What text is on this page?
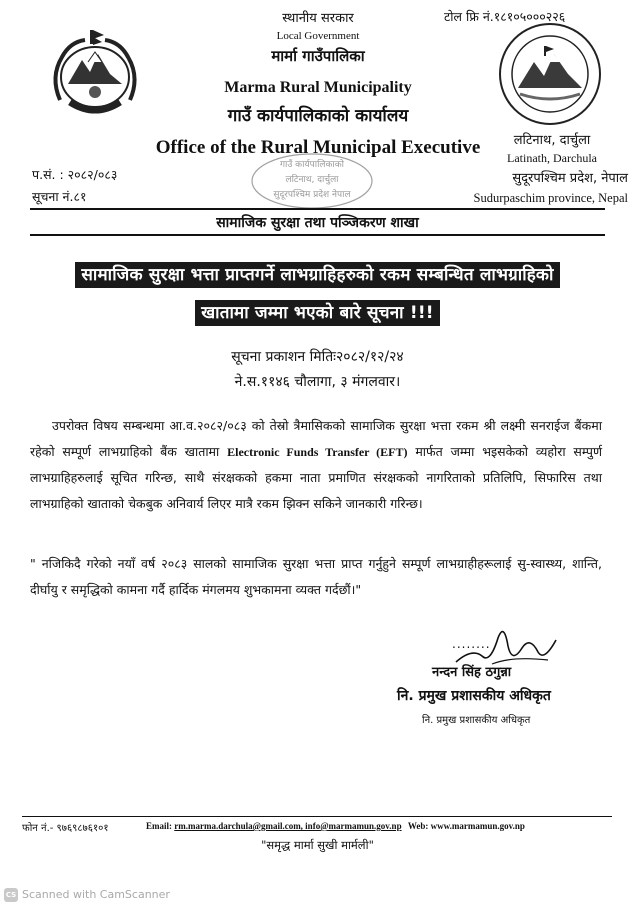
स्थानीय सरकार
Local Government
मार्मा गाउँपालिका
Marma Rural Municipality
गाउँ कार्यपालिकाको कार्यालय
Office of the Rural Municipal Executive
टोल फ्रि नं.१८१०५०००२२६
लटिनाथ, दार्चुला
Latinath, Darchula
सुदूरपश्चिम प्रदेश, नेपाल
Sudurpaschim province, Nepal
प.सं. : २०८२/०८३
सूचना नं.८१
गाउँ कार्यपालिकाको
लटिनाथ, दार्चुला
सुदूरपश्चिम प्रदेश नेपाल
सामाजिक सुरक्षा तथा पञ्जिकरण शाखा
सामाजिक सुरक्षा भत्ता प्राप्तगर्ने लाभग्राहिहरुको रकम सम्बन्धित लाभग्राहिको
खातामा जम्मा भएको बारे सूचना !!!
सूचना प्रकाशन मितिः२०८२/१२/२४
ने.स.११४६ चौलागा, ३ मंगलवार।
उपरोक्त विषय सम्बन्धमा आ.व.२०८२/०८३ को तेस्रो त्रैमासिकको सामाजिक सुरक्षा भत्ता रकम श्री लक्ष्मी सनराईज बैंकमा रहेको सम्पूर्ण लाभग्राहिको बैंक खातामा Electronic Funds Transfer (EFT) मार्फत जम्मा भइसकेको व्यहोरा सम्पुर्ण लाभग्राहिहरुलाई सूचित गरिन्छ, साथै संरक्षकको हकमा नाता प्रमाणित संरक्षकको नागरिताको प्रतिलिपि, सिफारिस तथा लाभग्राहिको खाताको चेकबुक अनिवार्य लिएर मात्रै रकम झिक्न सकिने जानकारी गरिन्छ।
" नजिकिदै गरेको नयाँ वर्ष २०८३ सालको सामाजिक सुरक्षा भत्ता प्राप्त गर्नुहुने सम्पूर्ण लाभग्राहीहरूलाई सु-स्वास्थ्य, शान्ति, दीर्घायु र समृद्धिको कामना गर्दै हार्दिक मंगलमय शुभकामना व्यक्त गर्दछौं।"
........
नन्दन सिंह ठगुन्ना
नि. प्रमुख प्रशासकीय अधिकृत
नि. प्रमुख प्रशासकीय अधिकृत
फोन नं.- ९७६९८७६१०१	Email: rm.marma.darchula@gmail.com, info@marmamun.gov.np Web: www.marmamun.gov.np
"समृद्ध मार्मा सुखी मार्मली"
CS Scanned with CamScanner
